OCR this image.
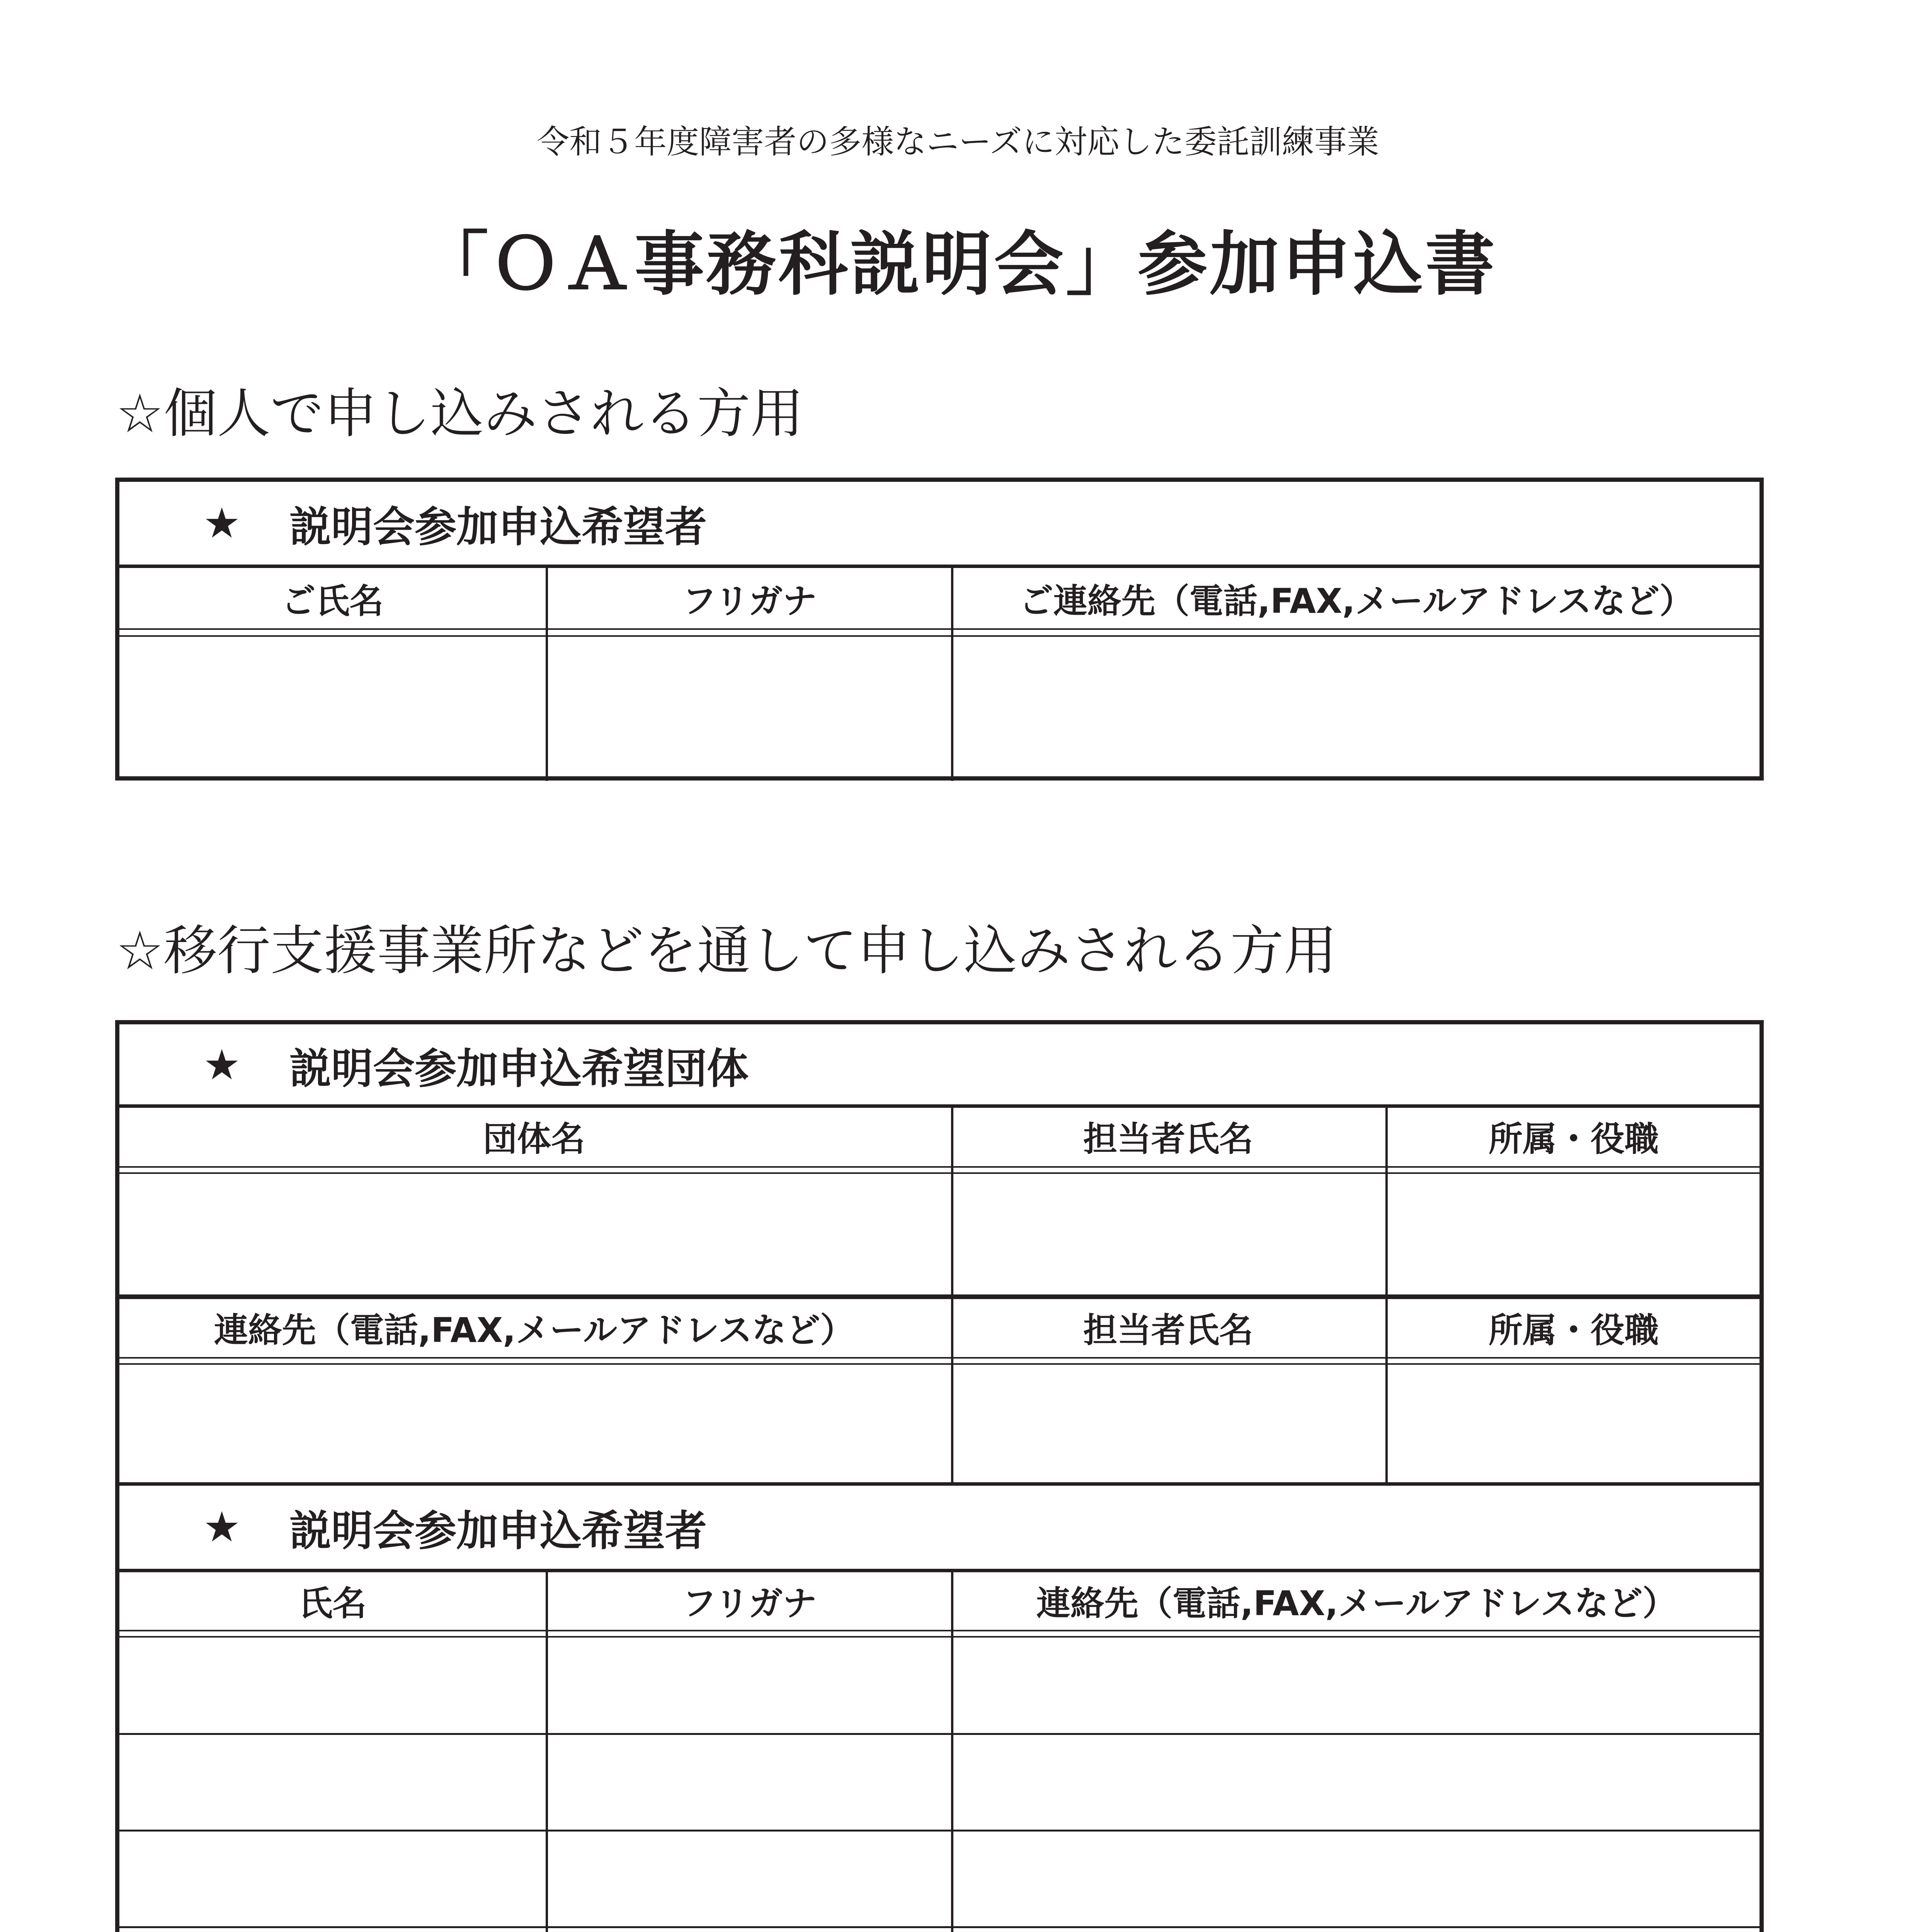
令和５年度障害者の多様なニーズに対応した委託訓練事業
「ＯＡ事務科説明会」参加申込書
☆個人で申し込みされる方用
★	説明会参加申込希望者
ご氏名	フリガナ	ご連絡先（電話,FAX,メールアドレスなど）
☆移行支援事業所などを通して申し込みされる方用
★	説明会参加申込希望団体
団体名	担当者氏名	所属・役職
連絡先（電話,FAX,メールアドレスなど）	担当者氏名	所属・役職
★	説明会参加申込希望者
氏名	フリガナ	連絡先（電話,FAX,メールアドレスなど）
